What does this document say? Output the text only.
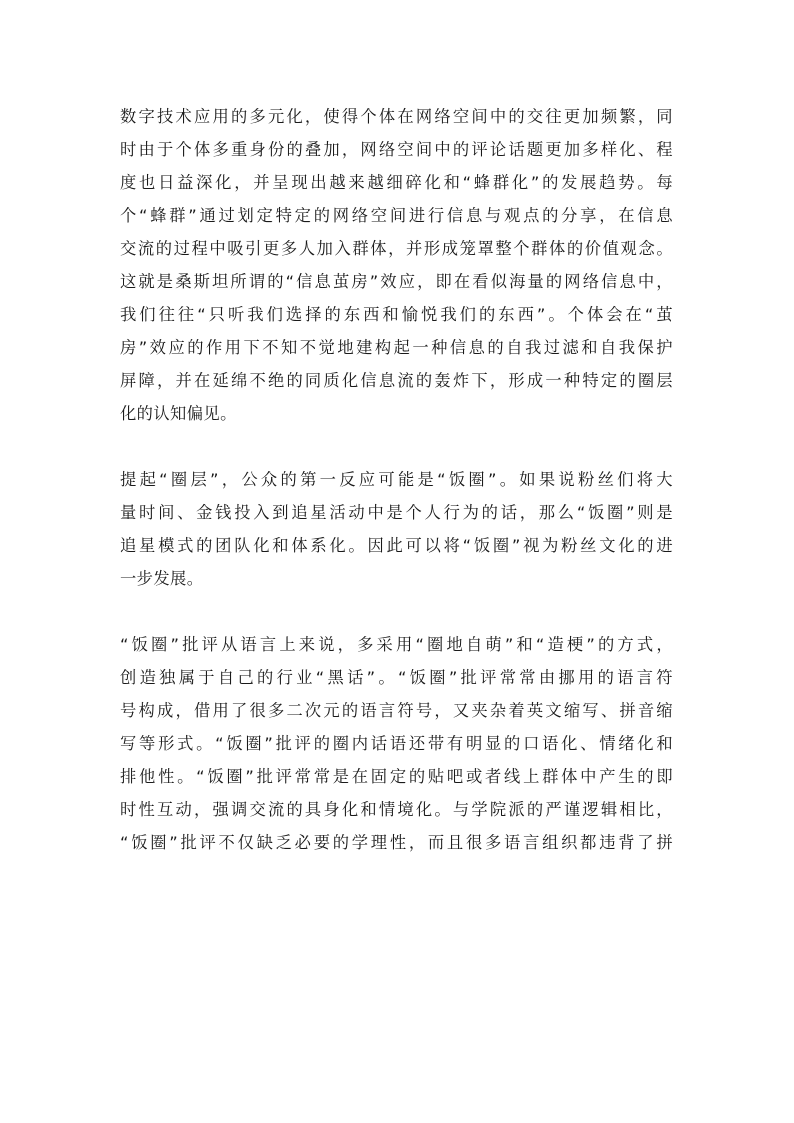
数字技术应用的多元化，使得个体在网络空间中的交往更加频繁，同
时由于个体多重身份的叠加，网络空间中的评论话题更加多样化、程
度也日益深化，并呈现出越来越细碎化和“蜂群化”的发展趋势。每
个“蜂群”通过划定特定的网络空间进行信息与观点的分享，在信息
交流的过程中吸引更多人加入群体，并形成笼罩整个群体的价值观念。
这就是桑斯坦所谓的“信息茧房”效应，即在看似海量的网络信息中，
我们往往“只听我们选择的东西和愉悦我们的东西”。个体会在“茧
房”效应的作用下不知不觉地建构起一种信息的自我过滤和自我保护
屏障，并在延绵不绝的同质化信息流的轰炸下，形成一种特定的圈层
化的认知偏见。
提起“圈层”，公众的第一反应可能是“饭圈”。如果说粉丝们将大
量时间、金钱投入到追星活动中是个人行为的话，那么“饭圈”则是
追星模式的团队化和体系化。因此可以将“饭圈”视为粉丝文化的进
一步发展。
“饭圈”批评从语言上来说，多采用“圈地自萌”和“造梗”的方式，
创造独属于自己的行业“黑话”。“饭圈”批评常常由挪用的语言符
号构成，借用了很多二次元的语言符号，又夹杂着英文缩写、拼音缩
写等形式。“饭圈”批评的圈内话语还带有明显的口语化、情绪化和
排他性。“饭圈”批评常常是在固定的贴吧或者线上群体中产生的即
时性互动，强调交流的具身化和情境化。与学院派的严谨逻辑相比，
“饭圈”批评不仅缺乏必要的学理性，而且很多语言组织都违背了拼
